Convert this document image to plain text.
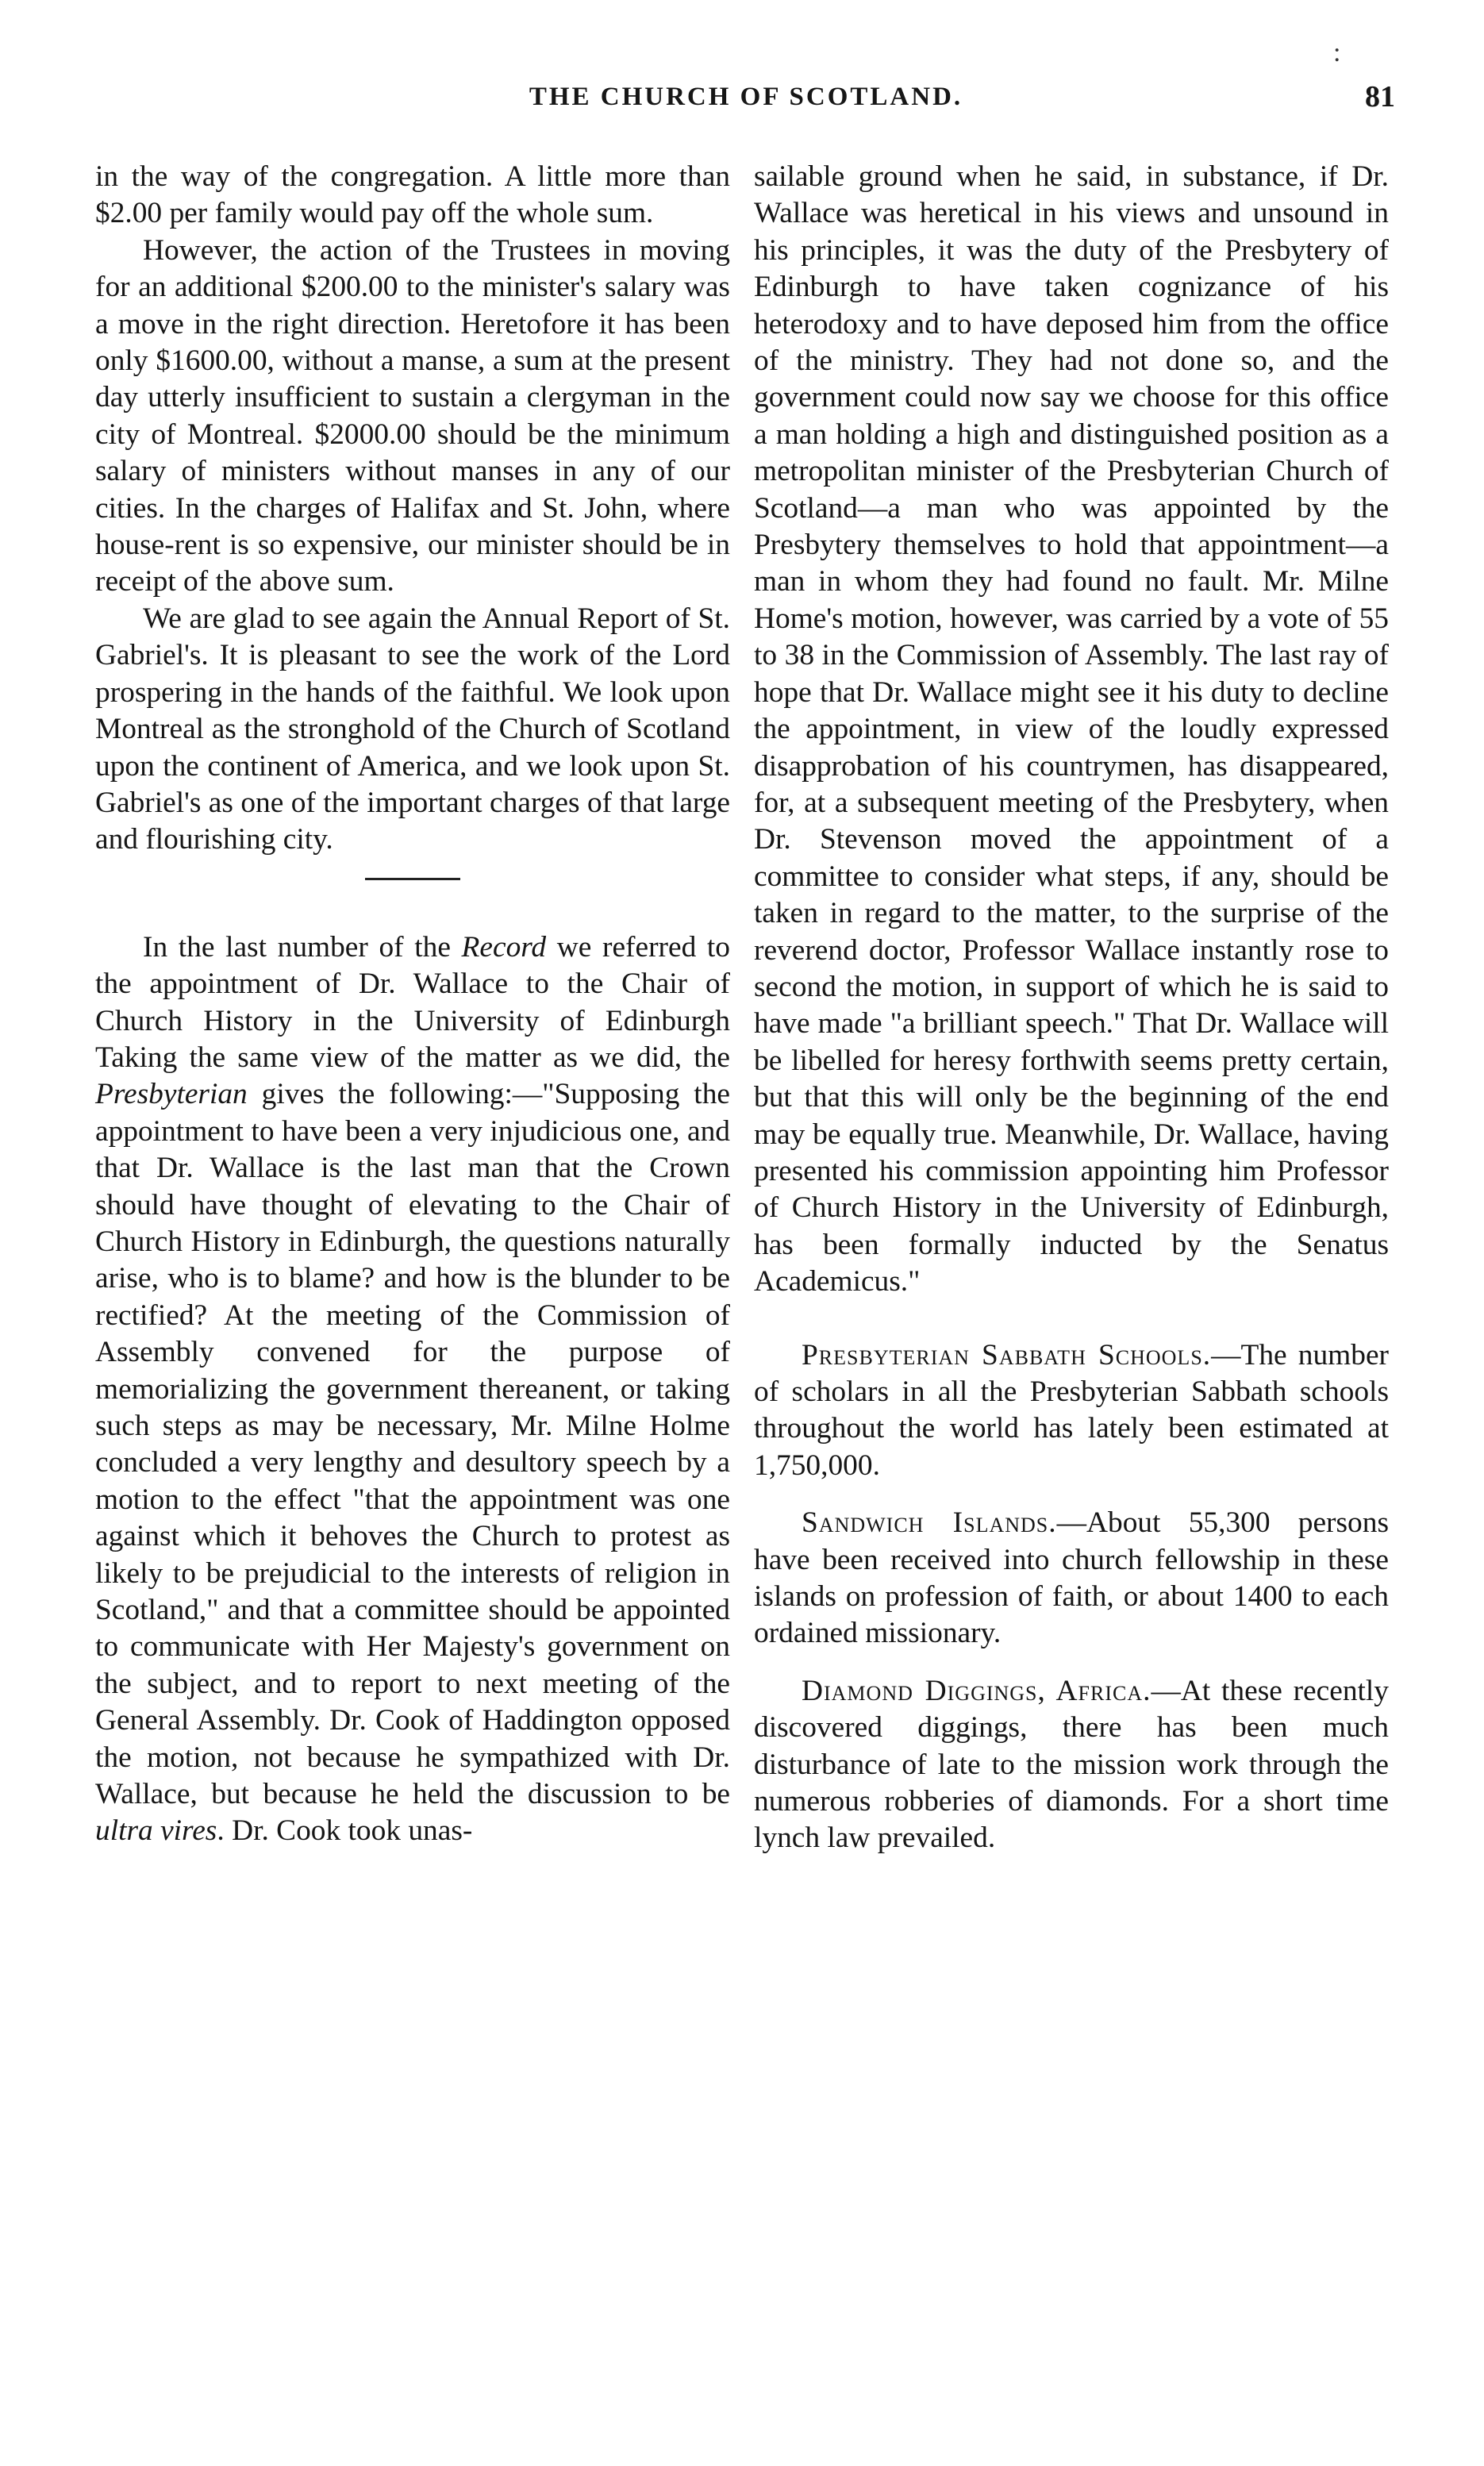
:
THE CHURCH OF SCOTLAND.	81

in the way of the congregation. A little more than $2.00 per family would pay off the whole sum.

However, the action of the Trustees in moving for an additional $200.00 to the minister's salary was a move in the right direction. Heretofore it has been only $1600.00, without a manse, a sum at the present day utterly insufficient to sustain a clergyman in the city of Montreal. $2000.00 should be the minimum salary of ministers without manses in any of our cities. In the charges of Halifax and St. John, where house-rent is so expensive, our minister should be in receipt of the above sum.

We are glad to see again the Annual Report of St. Gabriel's. It is pleasant to see the work of the Lord prospering in the hands of the faithful. We look upon Montreal as the stronghold of the Church of Scotland upon the continent of America, and we look upon St. Gabriel's as one of the important charges of that large and flourishing city.

In the last number of the Record we referred to the appointment of Dr. Wallace to the Chair of Church History in the University of Edinburgh Taking the same view of the matter as we did, the Presbyterian gives the following:—"Supposing the appointment to have been a very injudicious one, and that Dr. Wallace is the last man that the Crown should have thought of elevating to the Chair of Church History in Edinburgh, the questions naturally arise, who is to blame? and how is the blunder to be rectified? At the meeting of the Commission of Assembly convened for the purpose of memorializing the government thereanent, or taking such steps as may be necessary, Mr. Milne Holme concluded a very lengthy and desultory speech by a motion to the effect "that the appointment was one against which it behoves the Church to protest as likely to be prejudicial to the interests of religion in Scotland," and that a committee should be appointed to communicate with Her Majesty's government on the subject, and to report to next meeting of the General Assembly. Dr. Cook of Haddington opposed the motion, not because he sympathized with Dr. Wallace, but because he held the discussion to be ultra vires. Dr. Cook took unas-

sailable ground when he said, in substance, if Dr. Wallace was heretical in his views and unsound in his principles, it was the duty of the Presbytery of Edinburgh to have taken cognizance of his heterodoxy and to have deposed him from the office of the ministry. They had not done so, and the government could now say we choose for this office a man holding a high and distinguished position as a metropolitan minister of the Presbyterian Church of Scotland—a man who was appointed by the Presbytery themselves to hold that appointment—a man in whom they had found no fault. Mr. Milne Home's motion, however, was carried by a vote of 55 to 38 in the Commission of Assembly. The last ray of hope that Dr. Wallace might see it his duty to decline the appointment, in view of the loudly expressed disapprobation of his countrymen, has disappeared, for, at a subsequent meeting of the Presbytery, when Dr. Stevenson moved the appointment of a committee to consider what steps, if any, should be taken in regard to the matter, to the surprise of the reverend doctor, Professor Wallace instantly rose to second the motion, in support of which he is said to have made "a brilliant speech." That Dr. Wallace will be libelled for heresy forthwith seems pretty certain, but that this will only be the beginning of the end may be equally true. Meanwhile, Dr. Wallace, having presented his commission appointing him Professor of Church History in the University of Edinburgh, has been formally inducted by the Senatus Academicus."

Presbyterian Sabbath Schools.—The number of scholars in all the Presbyterian Sabbath schools throughout the world has lately been estimated at 1,750,000.

Sandwich Islands.—About 55,300 persons have been received into church fellowship in these islands on profession of faith, or about 1400 to each ordained missionary.

Diamond Diggings, Africa.—At these recently discovered diggings, there has been much disturbance of late to the mission work through the numerous robberies of diamonds. For a short time lynch law prevailed.
